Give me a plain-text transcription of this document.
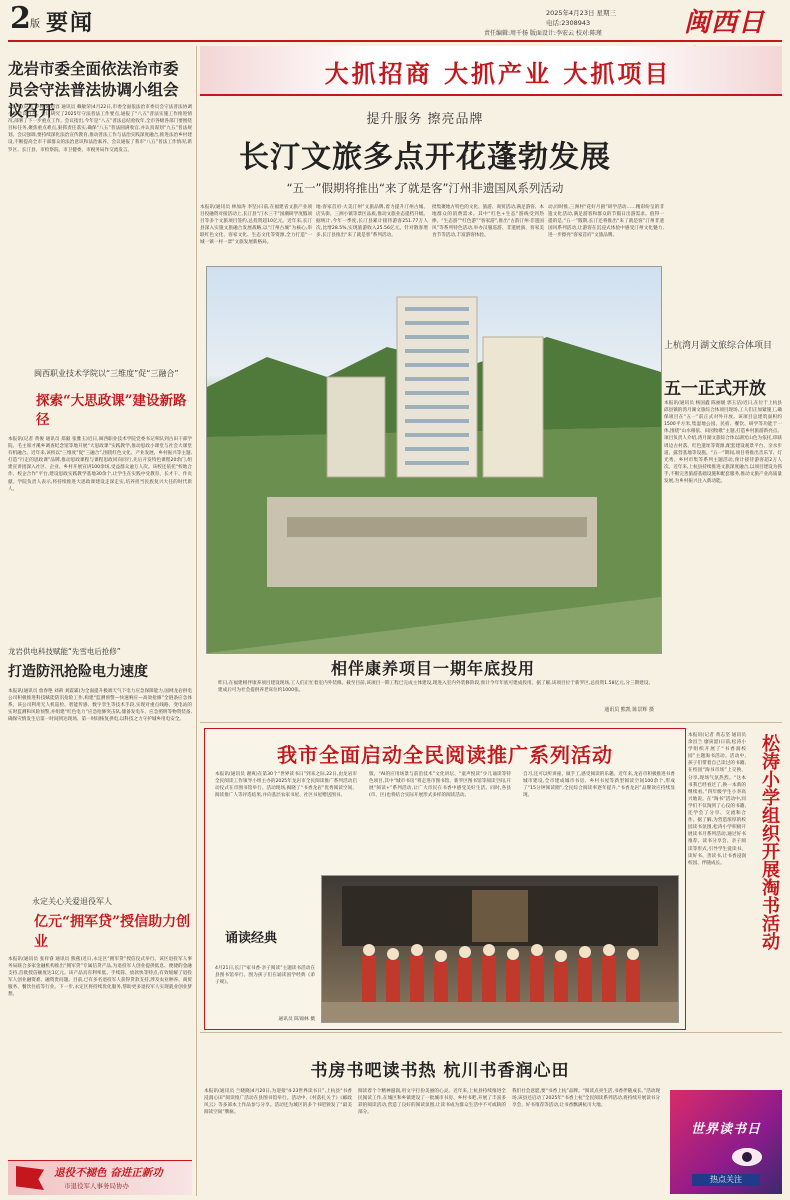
2 版 要闻	2025年4月23日 星期三
电话:2308943
责任编辑:周千扬 版面设计:李宏云 校对:陈瑾	闽西日
龙岩市委全面依法治市委员会守法普法协调小组会议召开
本报讯(记者 罗婷 陈超容 通讯员 赖敏荣)4月22日,市委全面依法治市委员会守法普法协调小组会议召开。会议研究了2025年守法普法工作要点,通报了“八五”普法实施工作推进情况,部署了下一步重点工作。会议指出,今年是“八五”普法总结验收年,全市各级各部门要围绕目标任务,聚焦重点难点,狠抓责任落实,确保“八五”普法圆满收官,并认真谋划“九五”普法规划。会议强调,要持续深化法治宣传教育,推动普法工作与法治实践深度融合,推进法治乡村建设,不断提高全市干部群众的法治意识和法治素养。会议通报了我市“八五”普法工作情况,新罗区、长汀县、市检察院、市卫健委、市税务局作交流发言。
闽西职业技术学院以“三维度”促“三融合”
探索“大思政课”建设新路径
本报讯(记者 黄俊 通讯员 郑毅 张雅玉)近日,闽西职业技术学院党委书记率队到古田干部学院、毛主席才溪乡调查纪念馆等地开展“大思政课”实践教学,推动思政小课堂与社会大课堂有机融合。近年来,该校以“三维度”促“三融合”,围绕红色文化、产业发展、乡村振兴等主题,打造“行走的思政课”品牌,推动思政课程与课程思政同向同行,先后开发特色课程20余门,组建宣讲团深入社区、企业、乡村开展宣讲100余场,受益群众逾万人次。该校还依托“校地合作、校企合作”平台,建设思政实践教学基地30余个,让学生在实践中受教育、长才干、作贡献。学院负责人表示,将持续推进大思政课建设走深走实,培养担当民族复兴大任的时代新人。
龙岩供电科技赋能“先雪电后抢修”
打造防汛抢险电力速度
本报讯(通讯员 詹春艳 刘莉 刘震霖)为全面提升极端天气下电力应急保障能力,国网龙岩供电公司积极推进科技赋能防汛抢险工作,构建“监测预警—快速响应—高效抢修”全链条应急体系。该公司利用无人机巡检、智能传感、数字孪生等技术手段,实现对重点线路、变电站的实时监测和风险预警,并组建“红色电力”应急抢修突击队,储备发电车、应急照明等物资装备,确保灾情发生后第一时间到达现场、第一时间恢复供电,以科技之力守护城乡用电安全。
永定关心关爱退役军人
亿元“拥军贷”授信助力创业
本报讯(通讯员 张祥睿 通讯员 熊燕)近日,永定区“拥军贷”授信仪式举行。该区退役军人事务局联合多家金融机构推出“拥军贷”专属信贷产品,为退役军人创业提供低息、便捷的金融支持,首批授信额度达1亿元。该产品具有利率低、手续简、放款快等特点,有效缓解了退役军人创业融资难、融资贵问题。目前,已有多名退役军人获得贷款支持,涉及农业种养、商贸服务、餐饮住宿等行业。下一步,永定区将持续优化服务,帮助更多退役军人实现就业创业梦想。
退役不褪色 奋进正新功
市退役军人事务局协办
大抓招商 大抓产业 大抓项目
提升服务 擦亮品牌
长汀文旅多点开花蓬勃发展
“五一”假期将推出“来了就是客”汀州非遗国风系列活动
本报讯(通讯员 林加涛 李坚)日前,在福建省文旅产业项目投融资对接活动上,长汀县“汀水三千”国潮研学度假项目等多个文旅项目签约,总投资超10亿元。近年来,长汀县深入实施文旅融合发展战略,以“汀州古城”为核心,串联红色文化、客家文化、生态文化等资源,全力打造“一城一镇一村一景”文旅发展新格局。
地·客家首府·大美汀州”文旅品牌,着力提升汀州古城、店头街、三洲小镇等景区品质,推动文旅业态提档升级。据统计,今年一季度,长汀县累计接待游客251.77万人次,比增28.5%,实现旅游收入25.56亿元。针对散客增多,长汀县推出“来了就是客”系列活动。
批集聚地方特色的文化、旅游、商贸活动,满足游客、本地群众的消费需求。其中“红色+生态”游线受到热捧。“生态游”“红色游”“客家游”,推出“古韵汀州·非遗国风”等系列特色活动,举办汉服巡游、非遗展演、客家美食节等活动,丰富游客体验。
动,同时推,三洲村“花好月圆”研学活动……精彩纷呈的非遗文化活动,满足游客和群众的节假日出游需求。值得一提的是,“五一”假期,长汀还将推出“来了就是客”汀州非遗国风系列活动,让游客在沉浸式体验中感受汀州文化魅力,进一步擦亮“客家首府”文旅品牌。
相伴康养项目一期年底投用
昨日,在福建相伴康养项目建设现场,工人们正忙着室内外装修。截至目前,该项目一期工程已完成主体建设,现进入室内外装修阶段,预计今年年底可建成投用。据了解,该项目位于新罗区,总投资1.58亿元,分三期建设,建成后可为社会提供养老床位约1000张。
通讯员 熊凯 陈景辉 摄
上杭湾月湖文旅综合体项目
五一正式开放
本报讯(通讯员 杨国鑫 陈丽媛 郭玉洁)近日,在位于上杭县邱县镇的湾月湖文旅综合体项目现场,工人们正加紧施工,确保项目在“五一”前正式对外开放。该项目总建筑面积约1500平方米,集湿地公园、民宿、餐饮、研学等功能于一体,围绕“山水相依、田园牧歌”主题,打造乡村旅游新亮点。项目负责人介绍,湾月湖文旅综合体以湖光山色为依托,串联周边古村落、红色遗址等资源,配套建设观景平台、亲水步道、露营基地等设施。“五一”期间,项目将推出音乐节、灯光秀、乡村市集等系列主题活动,预计接待游客超2万人次。近年来,上杭县持续推进文旅深度融合,以项目建设为抓手,不断完善旅游基础设施和配套服务,推动文旅产业高质量发展,为乡村振兴注入新动能。
我市全面启动全民阅读推广系列活动
本报讯(通讯员 谢爽)在第30个“世界读书日”到来之际,22日,由龙岩市全民阅读工作领导小组主办的2025年龙岩市全民阅读推广系列活动启动仪式在市图书馆举行。活动现场,揭晓了“书香龙岩”优秀阅读空间、阅读推广人等评选结果,并向基层农家书屋、社区书屋赠送图书。
版、“AI的应用场景与前沿技术”文化讲坛、“童声悦读”少儿诵读等特色项目,其中“城市书房”将走进市图书馆、新罗区图书馆等阅读空间,开展“阅读+”系列活动,让广大市民在书香中感受美好生活。同时,各县(市、区)也将结合实际开展形式多样的阅读活动。
自习,还可以听讲座、做手工,感受阅读的乐趣。近年来,龙岩市积极推进书香城市建设,全市建成城市书房、乡村书屋等新型阅读空间100余个,形成了“15分钟阅读圈”,全民综合阅读率逐年提升,“书香龙岩”品牌效应持续显现。
诵读经典
4月21日,长汀“家书香·亲子阅读”主题读书活动在县图书馆举行。图为孩子们在诵读国学经典《弟子规》。
通讯员 陈锦林 摄
本报讯(记者 黄志坚 通讯员 余昌兰 廖寅韶)日前,松涛小学组织开展了“书香润校园”主题淘书活动。活动中,孩子们带着自己读过的书籍,在校园“淘书市场”上交换、分享,现场气氛热烈。“这本书我已经看过了,换一本新的继续看。”四年级学生小李高兴地说。在“淘书”活动中,同学们不仅淘到了心仪的书籍,还学会了分享、交流和合作。据了解,为营造浓厚的校园读书氛围,松涛小学积极开展读书月系列活动,通过好书推荐、读书分享会、亲子阅读等形式,引导学生爱读书、读好书、善读书,让书香浸润校园、伴随成长。	松涛小学组织开展淘书活动
书房书吧读书热 杭川书香润心田
本报讯(通讯员 兰晓晓)4月20日,为迎接“4·23世界读书日”,上杭县“书香浸润心田”阅读推广活动在县图书馆举行。活动中,《村落扎关于》《邮政风云》等多部本土作品参与分享。活动还为城区的多个书吧颁发了“最美阅读空间”牌匾。
阅读着个个精神滋润,用文字打扮美丽的心灵。近年来,上杭县持续推进全民阅读工作,在城区和乡镇建设了一批城市书房、乡村书吧,开展了丰富多彩的阅读活动,营造了良好的阅读氛围,让读书成为群众生活中不可或缺的部分。
我们社会意愿,要“书香上杭”品牌。“阅读点亮生活,书香伴随成长。”活动现场,该县还启动了2025年“书香上杭”全民阅读系列活动,将持续开展读书分享会、好书推荐等活动,让书香飘满杭川大地。
世界读书日
热点关注
